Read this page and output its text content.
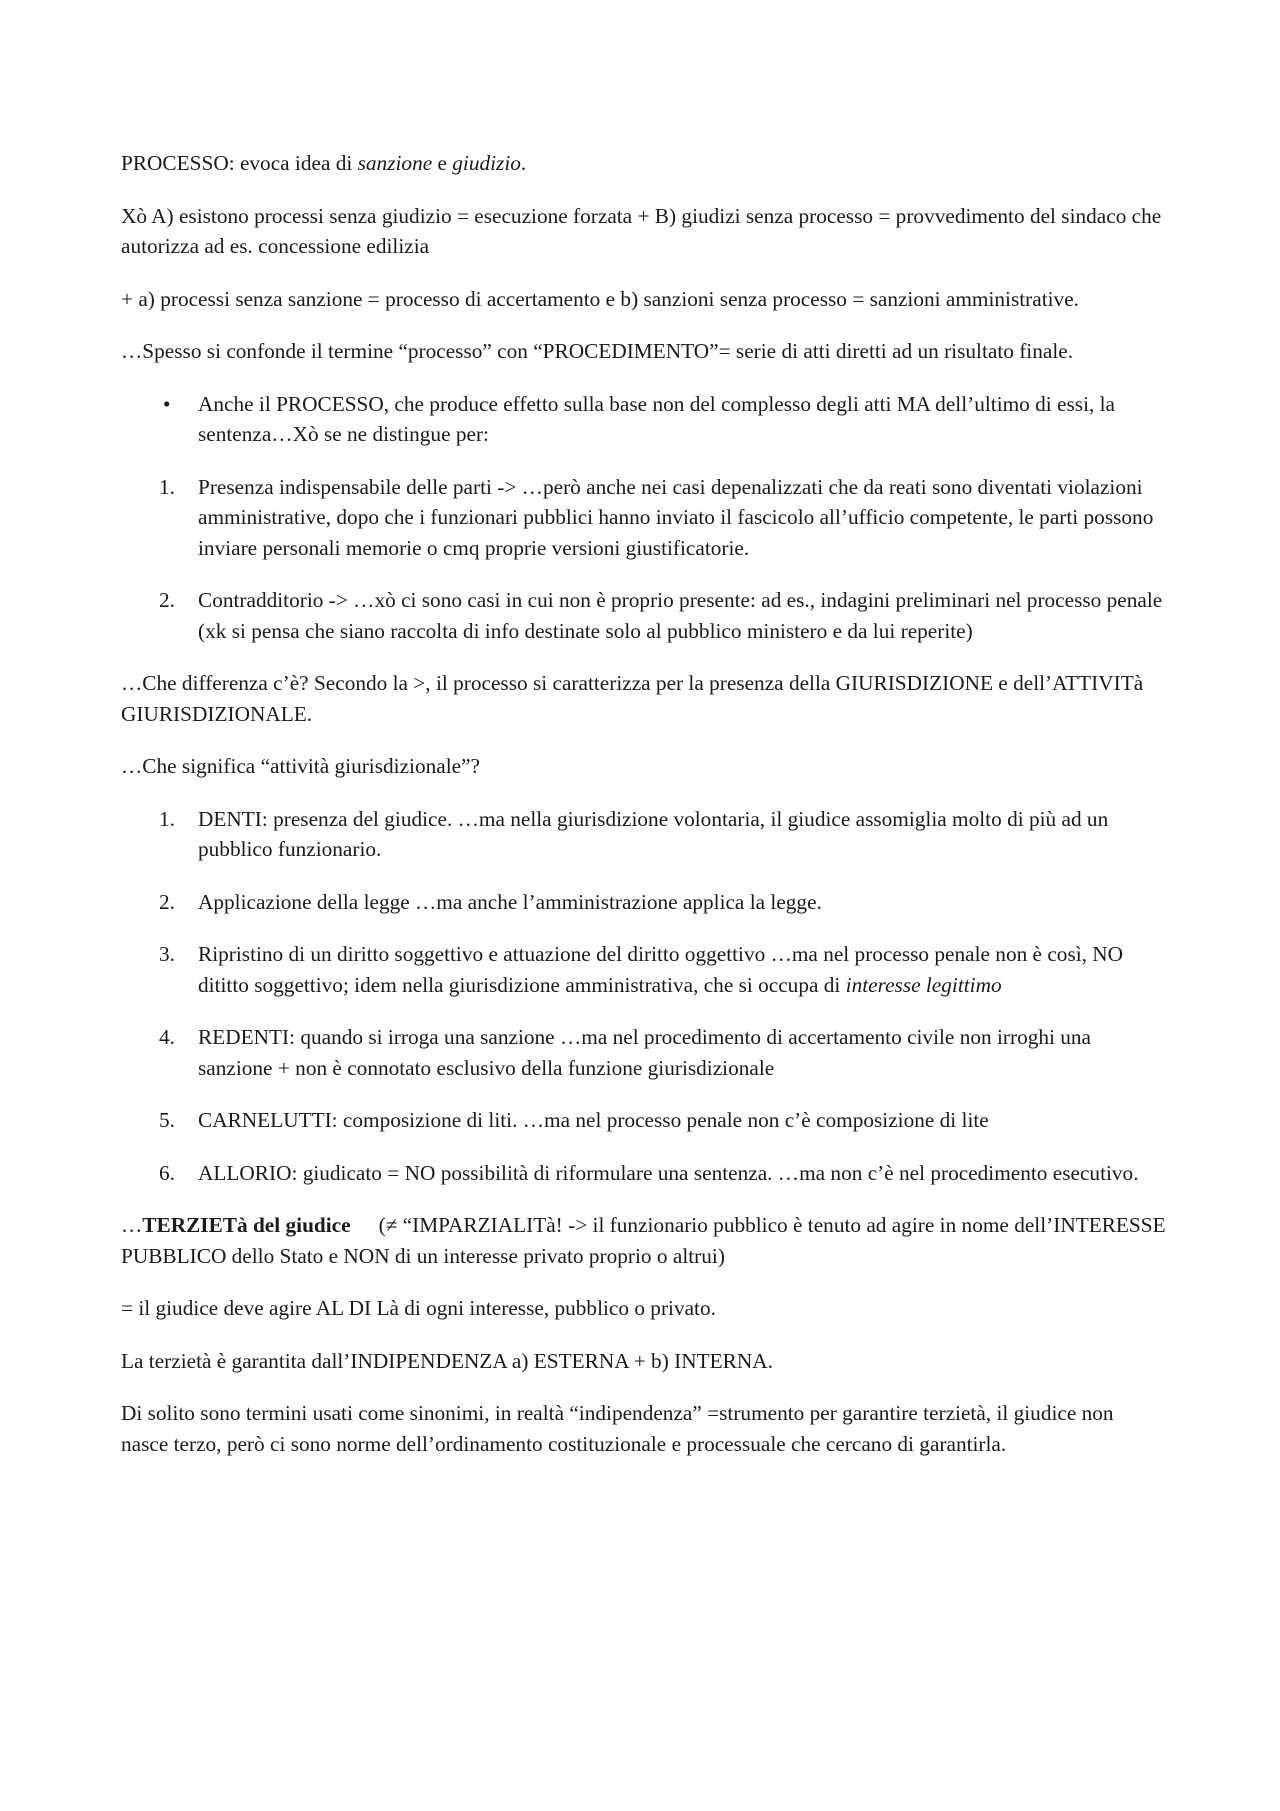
PROCESSO: evoca idea di sanzione e giudizio.

Xò A) esistono processi senza giudizio = esecuzione forzata + B) giudizi senza processo = provvedimento del sindaco che autorizza ad es. concessione edilizia

+ a) processi senza sanzione = processo di accertamento e b) sanzioni senza processo = sanzioni amministrative.

…Spesso si confonde il termine “processo” con “PROCEDIMENTO”= serie di atti diretti ad un risultato finale.

• Anche il PROCESSO, che produce effetto sulla base non del complesso degli atti MA dell’ultimo di essi, la sentenza…Xò se ne distingue per:
1. Presenza indispensabile delle parti -> …però anche nei casi depenalizzati che da reati sono diventati violazioni amministrative, dopo che i funzionari pubblici hanno inviato il fascicolo all’ufficio competente, le parti possono inviare personali memorie o cmq proprie versioni giustificatorie.
2. Contradditorio -> …xò ci sono casi in cui non è proprio presente: ad es., indagini preliminari nel processo penale (xk si pensa che siano raccolta di info destinate solo al pubblico ministero e da lui reperite)

…Che differenza c’è? Secondo la >, il processo si caratterizza per la presenza della GIURISDIZIONE e dell’ATTIVITà GIURISDIZIONALE.

…Che significa “attività giurisdizionale”?

1. DENTI: presenza del giudice. …ma nella giurisdizione volontaria, il giudice assomiglia molto di più ad un pubblico funzionario.
2. Applicazione della legge …ma anche l’amministrazione applica la legge.
3. Ripristino di un diritto soggettivo e attuazione del diritto oggettivo …ma nel processo penale non è così, NO dititto soggettivo; idem nella giurisdizione amministrativa, che si occupa di interesse legittimo
4. REDENTI: quando si irroga una sanzione …ma nel procedimento di accertamento civile non irroghi una sanzione + non è connotato esclusivo della funzione giurisdizionale
5. CARNELUTTI: composizione di liti. …ma nel processo penale non c’è composizione di lite
6. ALLORIO: giudicato = NO possibilità di riformulare una sentenza. …ma non c’è nel procedimento esecutivo.

…TERZIETà del giudice (≠ “IMPARZIALITà! -> il funzionario pubblico è tenuto ad agire in nome dell’INTERESSE PUBBLICO dello Stato e NON di un interesse privato proprio o altrui)

= il giudice deve agire AL DI Là di ogni interesse, pubblico o privato.

La terzietà è garantita dall’INDIPENDENZA a) ESTERNA + b) INTERNA.

Di solito sono termini usati come sinonimi, in realtà “indipendenza” =strumento per garantire terzietà, il giudice non nasce terzo, però ci sono norme dell’ordinamento costituzionale e processuale che cercano di garantirla.
